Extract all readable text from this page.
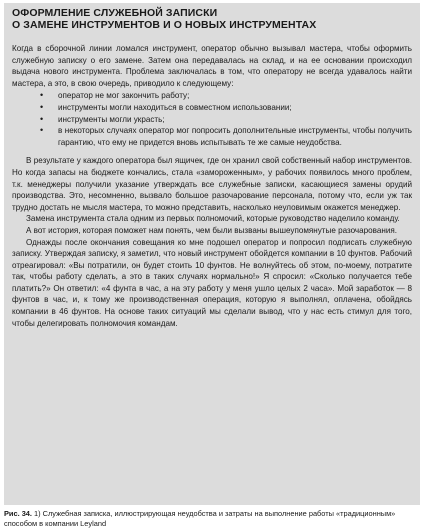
ОФОРМЛЕНИЕ СЛУЖЕБНОЙ ЗАПИСКИ
О ЗАМЕНЕ ИНСТРУМЕНТОВ И О НОВЫХ ИНСТРУМЕНТАХ

Когда в сборочной линии ломался инструмент, оператор обычно вызывал мастера, чтобы оформить служебную записку о его замене. Затем она передавалась на склад, и на ее основании происходил выдача нового инструмента. Проблема заключалась в том, что оператору не всегда удавалось найти мастера, а это, в свою очередь, приводило к следующему:

• оператор не мог закончить работу;
• инструменты могли находиться в совместном использовании;
• инструменты могли украсть;
• в некоторых случаях оператор мог попросить дополнительные инструменты, чтобы получить гарантию, что ему не придется вновь испытывать те же самые неудобства.

В результате у каждого оператора был ящичек, где он хранил свой собственный набор инструментов. Но когда запасы на бюджете кончались, стала «замороженным», у рабочих появилось много проблем, т.к. менеджеры получили указание утверждать все служебные записки, касающиеся замены орудий производства. Это, несомненно, вызвало большое разочарование персонала, потому что, если уж так трудно достать не мысля мастера, то можно представить, насколько неуловимым окажется менеджер.

Замена инструмента стала одним из первых полномочий, которые руководство наделило команду.

А вот история, которая поможет нам понять, чем были вызваны вышеупомянутые разочарования.

Однажды после окончания совещания ко мне подошел оператор и попросил подписать служебную записку. Утверждая записку, я заметил, что новый инструмент обойдется компании в 10 фунтов. Рабочий отреагировал: «Вы потратили, он будет стоить 10 фунтов. Не волнуйтесь об этом, по-моему, потратите так, чтобы работу сделать, а это в таких случаях нормально!» Я спросил: «Сколько получается тебе платить?» Он ответил: «4 фунта в час, а на эту работу у меня ушло целых 2 часа». Мой заработок — 8 фунтов в час, и, к тому же производственная операция, которую я выполнял, оплачена, обойдясь компании в 46 фунтов. На основе таких ситуаций мы сделали вывод, что у нас есть стимул для того, чтобы делегировать полномочия командам.

Рис. 34. 1) Служебная записка, иллюстрирующая неудобства и затраты на выполнение работы «традиционным» способом в компании Leyland
